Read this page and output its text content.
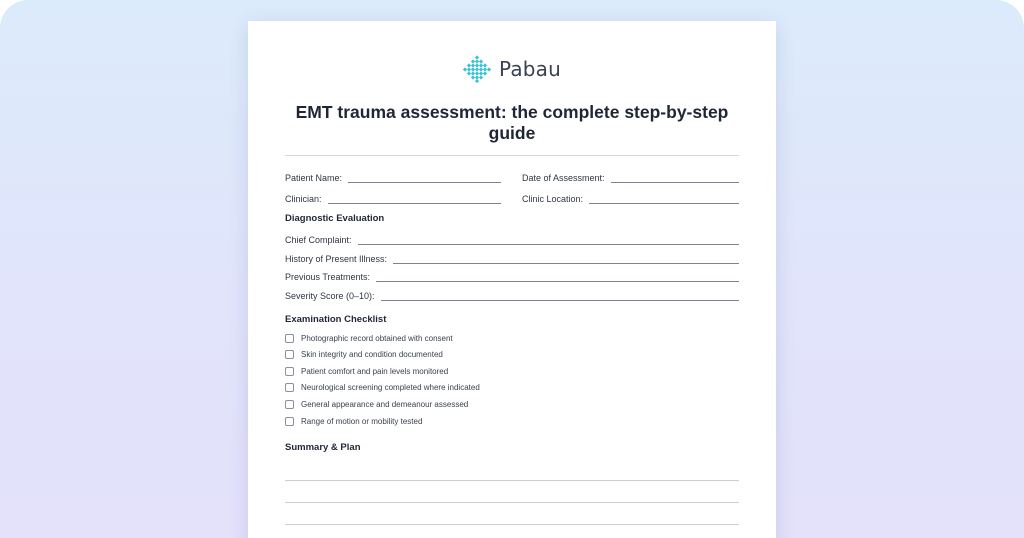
Pabau
EMT trauma assessment: the complete step-by-step guide
Patient Name:	Date of Assessment:
Clinician:	Clinic Location:
Diagnostic Evaluation
Chief Complaint:
History of Present Illness:
Previous Treatments:
Severity Score (0–10):
Examination Checklist
Photographic record obtained with consent
Skin integrity and condition documented
Patient comfort and pain levels monitored
Neurological screening completed where indicated
General appearance and demeanour assessed
Range of motion or mobility tested
Summary & Plan
